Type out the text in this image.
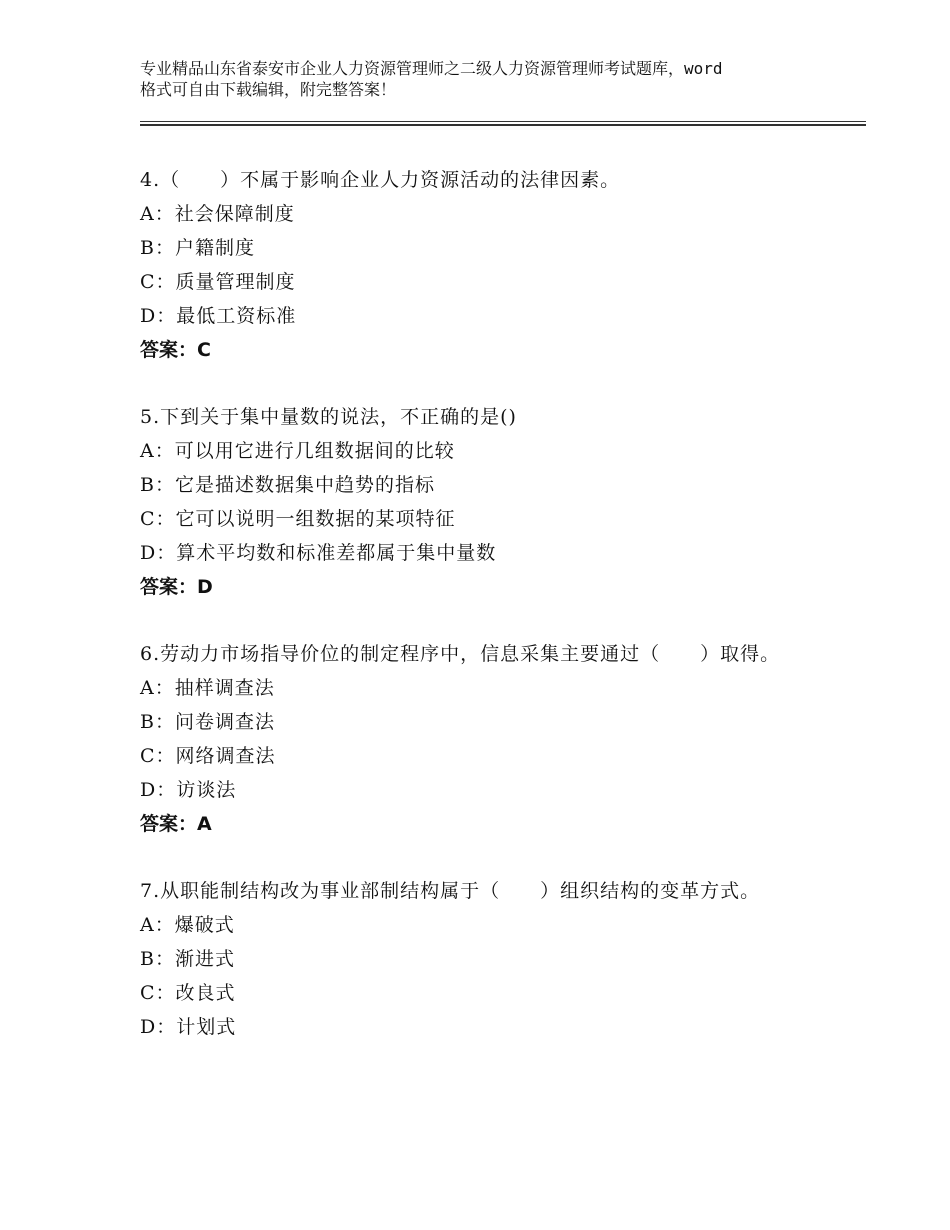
专业精品山东省泰安市企业人力资源管理师之二级人力资源管理师考试题库，word
格式可自由下载编辑，附完整答案！
4.（　　）不属于影响企业人力资源活动的法律因素。
A：社会保障制度
B：户籍制度
C：质量管理制度
D：最低工资标准
答案：C
5.下到关于集中量数的说法，不正确的是()
A：可以用它进行几组数据间的比较
B：它是描述数据集中趋势的指标
C：它可以说明一组数据的某项特征
D：算术平均数和标准差都属于集中量数
答案：D
6.劳动力市场指导价位的制定程序中，信息采集主要通过（　　）取得。
A：抽样调查法
B：问卷调查法
C：网络调查法
D：访谈法
答案：A
7.从职能制结构改为事业部制结构属于（　　）组织结构的变革方式。
A：爆破式
B：渐进式
C：改良式
D：计划式
